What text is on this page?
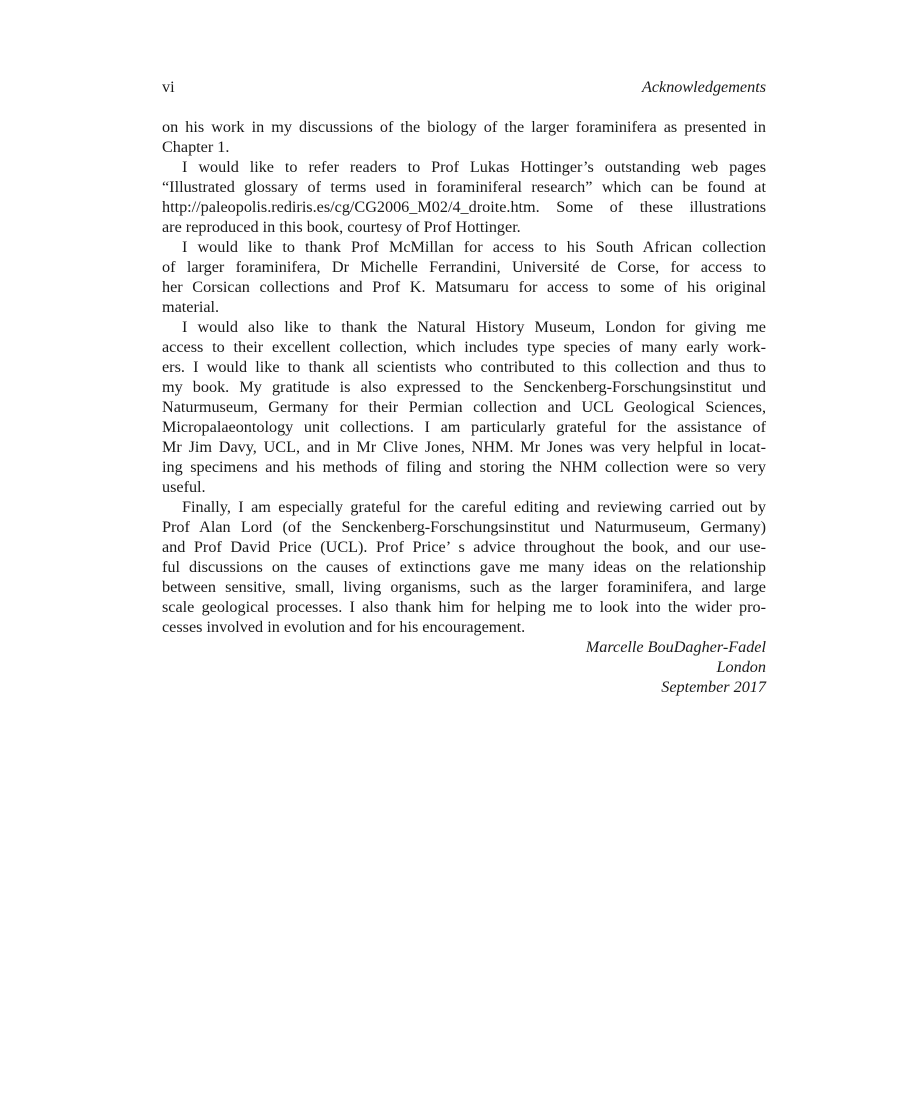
vi	Acknowledgements
on his work in my discussions of the biology of the larger foraminifera as presented in
Chapter 1.
I would like to refer readers to Prof Lukas Hottinger’s outstanding web pages
“Illustrated glossary of terms used in foraminiferal research” which can be found at
http://paleopolis.rediris.es/cg/CG2006_M02/4_droite.htm. Some of these illustrations
are reproduced in this book, courtesy of Prof Hottinger.
I would like to thank Prof McMillan for access to his South African collection
of larger foraminifera, Dr Michelle Ferrandini, Université de Corse, for access to
her Corsican collections and Prof K. Matsumaru for access to some of his original
material.
I would also like to thank the Natural History Museum, London for giving me
access to their excellent collection, which includes type species of many early work-
ers. I would like to thank all scientists who contributed to this collection and thus to
my book. My gratitude is also expressed to the Senckenberg-Forschungsinstitut und
Naturmuseum, Germany for their Permian collection and UCL Geological Sciences,
Micropalaeontology unit collections. I am particularly grateful for the assistance of
Mr Jim Davy, UCL, and in Mr Clive Jones, NHM. Mr Jones was very helpful in locat-
ing specimens and his methods of filing and storing the NHM collection were so very
useful.
Finally, I am especially grateful for the careful editing and reviewing carried out by
Prof Alan Lord (of the Senckenberg-Forschungsinstitut und Naturmuseum, Germany)
and Prof David Price (UCL). Prof Price’ s advice throughout the book, and our use-
ful discussions on the causes of extinctions gave me many ideas on the relationship
between sensitive, small, living organisms, such as the larger foraminifera, and large
scale geological processes. I also thank him for helping me to look into the wider pro-
cesses involved in evolution and for his encouragement.
Marcelle BouDagher-Fadel
London
September 2017
